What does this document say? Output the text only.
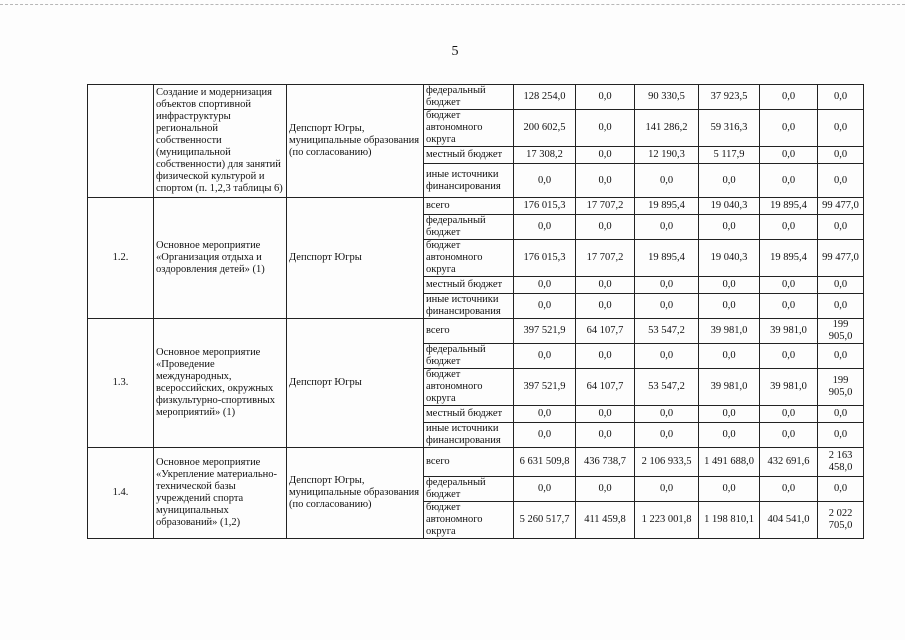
5
	Создание и модернизация объектов спортивной инфраструктуры региональной собственности (муниципальной собственности) для занятий физической культурой и спортом (п. 1,2,3 таблицы 6)	Депспорт Югры, муниципальные образования (по согласованию)	федеральный бюджет	128 254,0	0,0	90 330,5	37 923,5	0,0	0,0
			бюджет автономного округа	200 602,5	0,0	141 286,2	59 316,3	0,0	0,0
			местный бюджет	17 308,2	0,0	12 190,3	5 117,9	0,0	0,0
			иные источники финансирования	0,0	0,0	0,0	0,0	0,0	0,0
1.2.	Основное мероприятие «Организация отдыха и оздоровления детей» (1)	Депспорт Югры	всего	176 015,3	17 707,2	19 895,4	19 040,3	19 895,4	99 477,0
			федеральный бюджет	0,0	0,0	0,0	0,0	0,0	0,0
			бюджет автономного округа	176 015,3	17 707,2	19 895,4	19 040,3	19 895,4	99 477,0
			местный бюджет	0,0	0,0	0,0	0,0	0,0	0,0
			иные источники финансирования	0,0	0,0	0,0	0,0	0,0	0,0
1.3.	Основное мероприятие «Проведение международных, всероссийских, окружных физкультурно-спортивных мероприятий» (1)	Депспорт Югры	всего	397 521,9	64 107,7	53 547,2	39 981,0	39 981,0	199 905,0
			федеральный бюджет	0,0	0,0	0,0	0,0	0,0	0,0
			бюджет автономного округа	397 521,9	64 107,7	53 547,2	39 981,0	39 981,0	199 905,0
			местный бюджет	0,0	0,0	0,0	0,0	0,0	0,0
			иные источники финансирования	0,0	0,0	0,0	0,0	0,0	0,0
1.4.	Основное мероприятие «Укрепление материально-технической базы учреждений спорта муниципальных образований» (1,2)	Депспорт Югры, муниципальные образования (по согласованию)	всего	6 631 509,8	436 738,7	2 106 933,5	1 491 688,0	432 691,6	2 163 458,0
			федеральный бюджет	0,0	0,0	0,0	0,0	0,0	0,0
			бюджет автономного округа	5 260 517,7	411 459,8	1 223 001,8	1 198 810,1	404 541,0	2 022 705,0
